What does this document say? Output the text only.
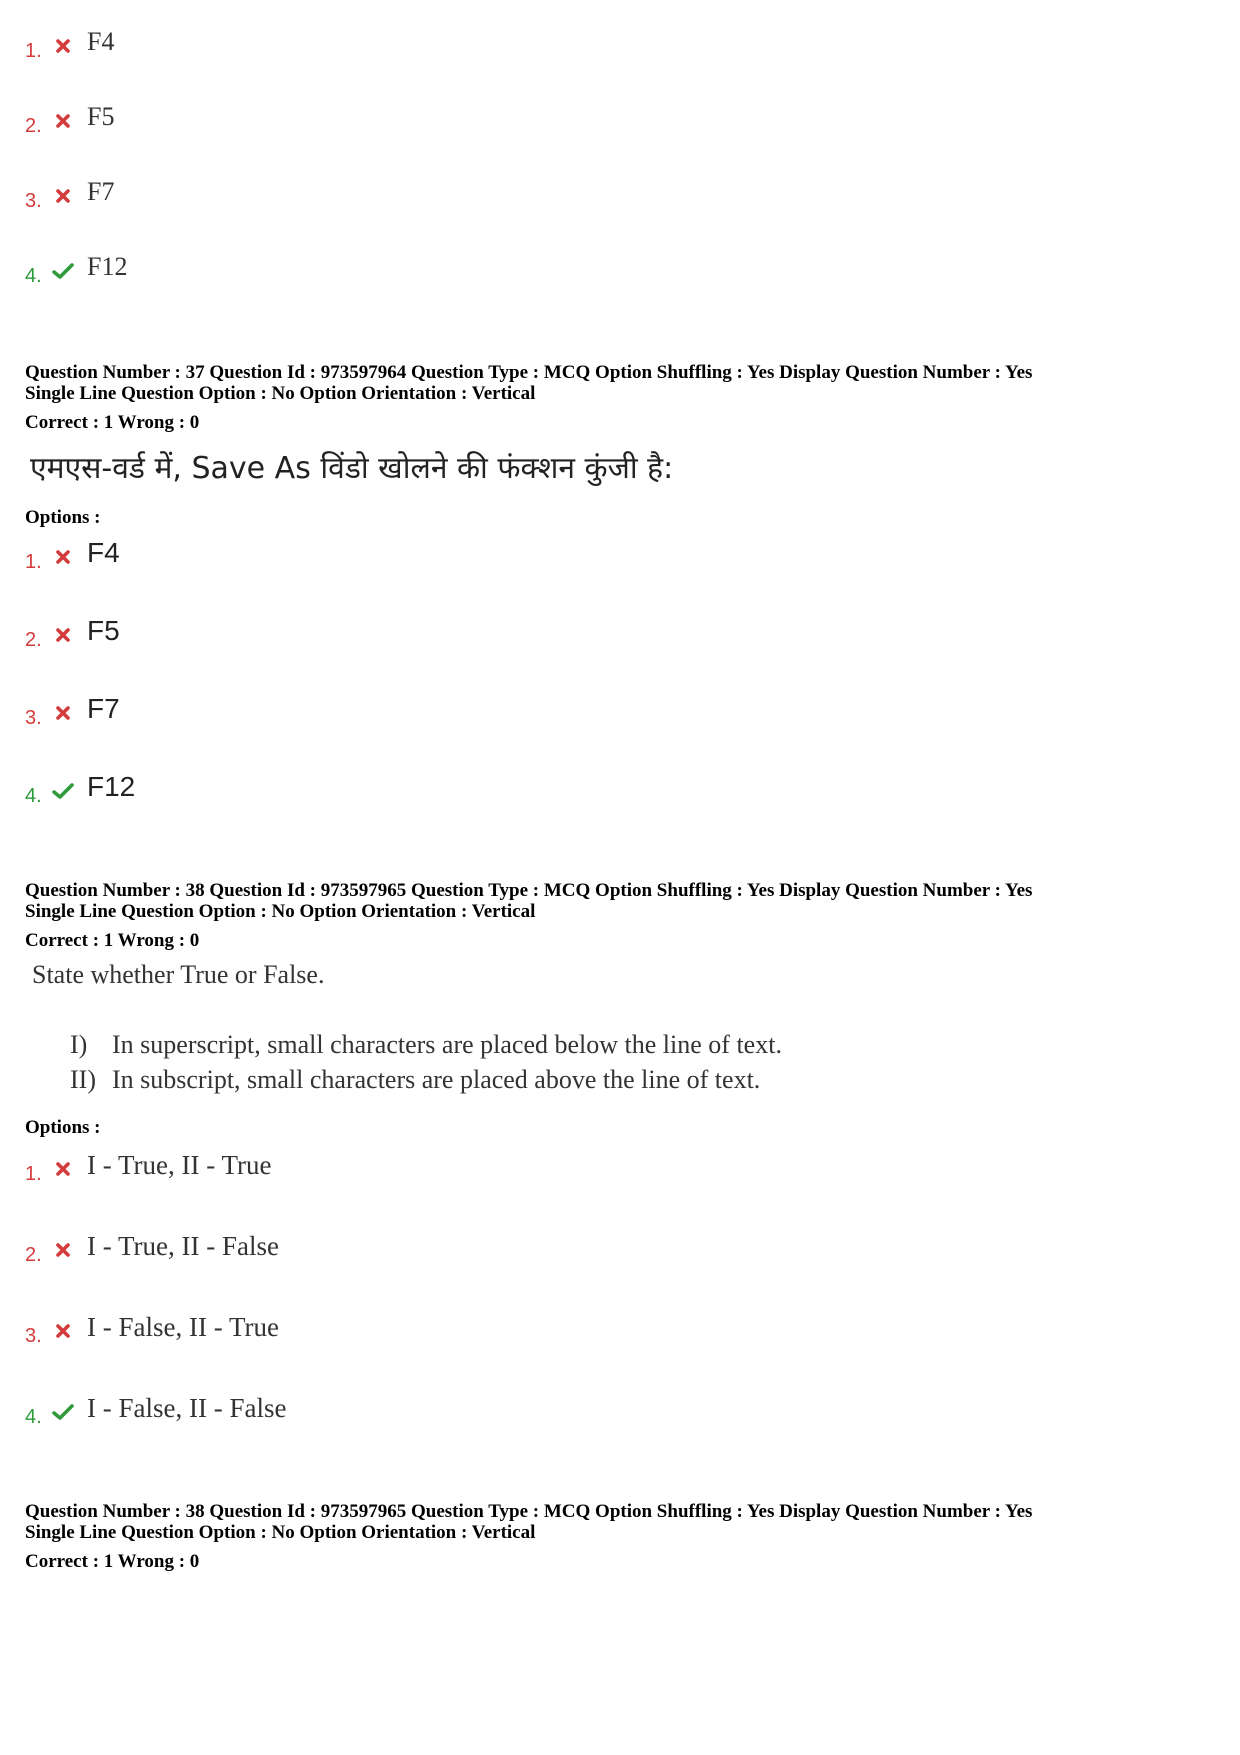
1.	F4
2.	F5
3.	F7
4.	F12
Question Number : 37 Question Id : 973597964 Question Type : MCQ Option Shuffling : Yes Display Question Number : Yes
Single Line Question Option : No Option Orientation : Vertical
Correct : 1 Wrong : 0
एमएस-वर्ड में, Save As विंडो खोलने की फंक्शन कुंजी है:
Options :
1.	F4
2.	F5
3.	F7
4.	F12
Question Number : 38 Question Id : 973597965 Question Type : MCQ Option Shuffling : Yes Display Question Number : Yes
Single Line Question Option : No Option Orientation : Vertical
Correct : 1 Wrong : 0
State whether True or False.
I) In superscript, small characters are placed below the line of text.
II) In subscript, small characters are placed above the line of text.
Options :
1.	I - True, II - True
2.	I - True, II - False
3.	I - False, II - True
4.	I - False, II - False
Question Number : 38 Question Id : 973597965 Question Type : MCQ Option Shuffling : Yes Display Question Number : Yes
Single Line Question Option : No Option Orientation : Vertical
Correct : 1 Wrong : 0
